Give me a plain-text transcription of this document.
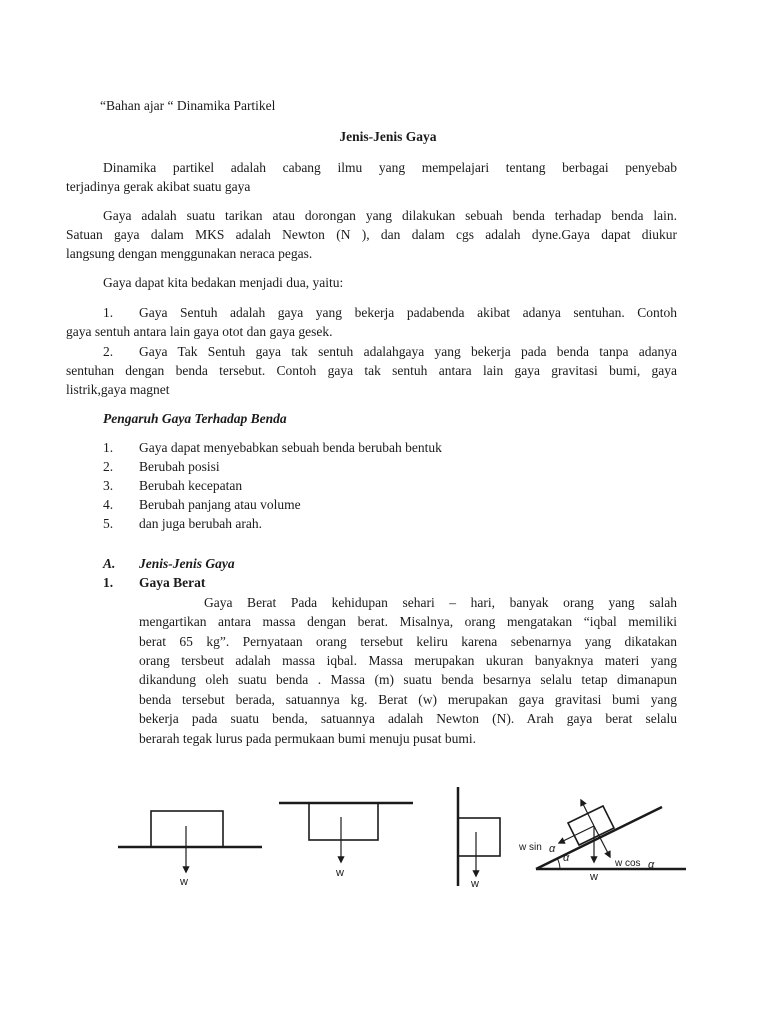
“Bahan ajar “ Dinamika Partikel
Jenis-Jenis Gaya
Dinamika partikel adalah cabang ilmu yang mempelajari tentang berbagai penyebab
terjadinya gerak akibat suatu gaya
Gaya adalah suatu tarikan atau dorongan yang dilakukan sebuah benda terhadap benda lain.
Satuan gaya dalam MKS adalah Newton (N ), dan dalam cgs adalah dyne.Gaya dapat diukur
langsung dengan menggunakan neraca pegas.
Gaya dapat kita bedakan menjadi dua, yaitu:
1. Gaya Sentuh adalah gaya yang bekerja padabenda akibat adanya sentuhan. Contoh
gaya sentuh antara lain gaya otot dan gaya gesek.
2. Gaya Tak Sentuh gaya tak sentuh adalahgaya yang bekerja pada benda tanpa adanya
sentuhan dengan benda tersebut. Contoh gaya tak sentuh antara lain gaya gravitasi bumi, gaya
listrik,gaya magnet
Pengaruh Gaya Terhadap Benda
1. Gaya dapat menyebabkan sebuah benda berubah bentuk
2. Berubah posisi
3. Berubah kecepatan
4. Berubah panjang atau volume
5. dan juga berubah arah.
A. Jenis-Jenis Gaya
1. Gaya Berat
Gaya Berat Pada kehidupan sehari – hari, banyak orang yang salah
mengartikan antara massa dengan berat. Misalnya, orang mengatakan “iqbal memiliki
berat 65 kg”. Pernyataan orang tersebut keliru karena sebenarnya yang dikatakan
orang tersbeut adalah massa iqbal. Massa merupakan ukuran banyaknya materi yang
dikandung oleh suatu benda . Massa (m) suatu benda besarnya selalu tetap dimanapun
benda tersebut berada, satuannya kg. Berat (w) merupakan gaya gravitasi bumi yang
bekerja pada suatu benda, satuannya adalah Newton (N). Arah gaya berat selalu
berarah tegak lurus pada permukaan bumi menuju pusat bumi.
w
w
w
w sin α
α	w cos α
w
